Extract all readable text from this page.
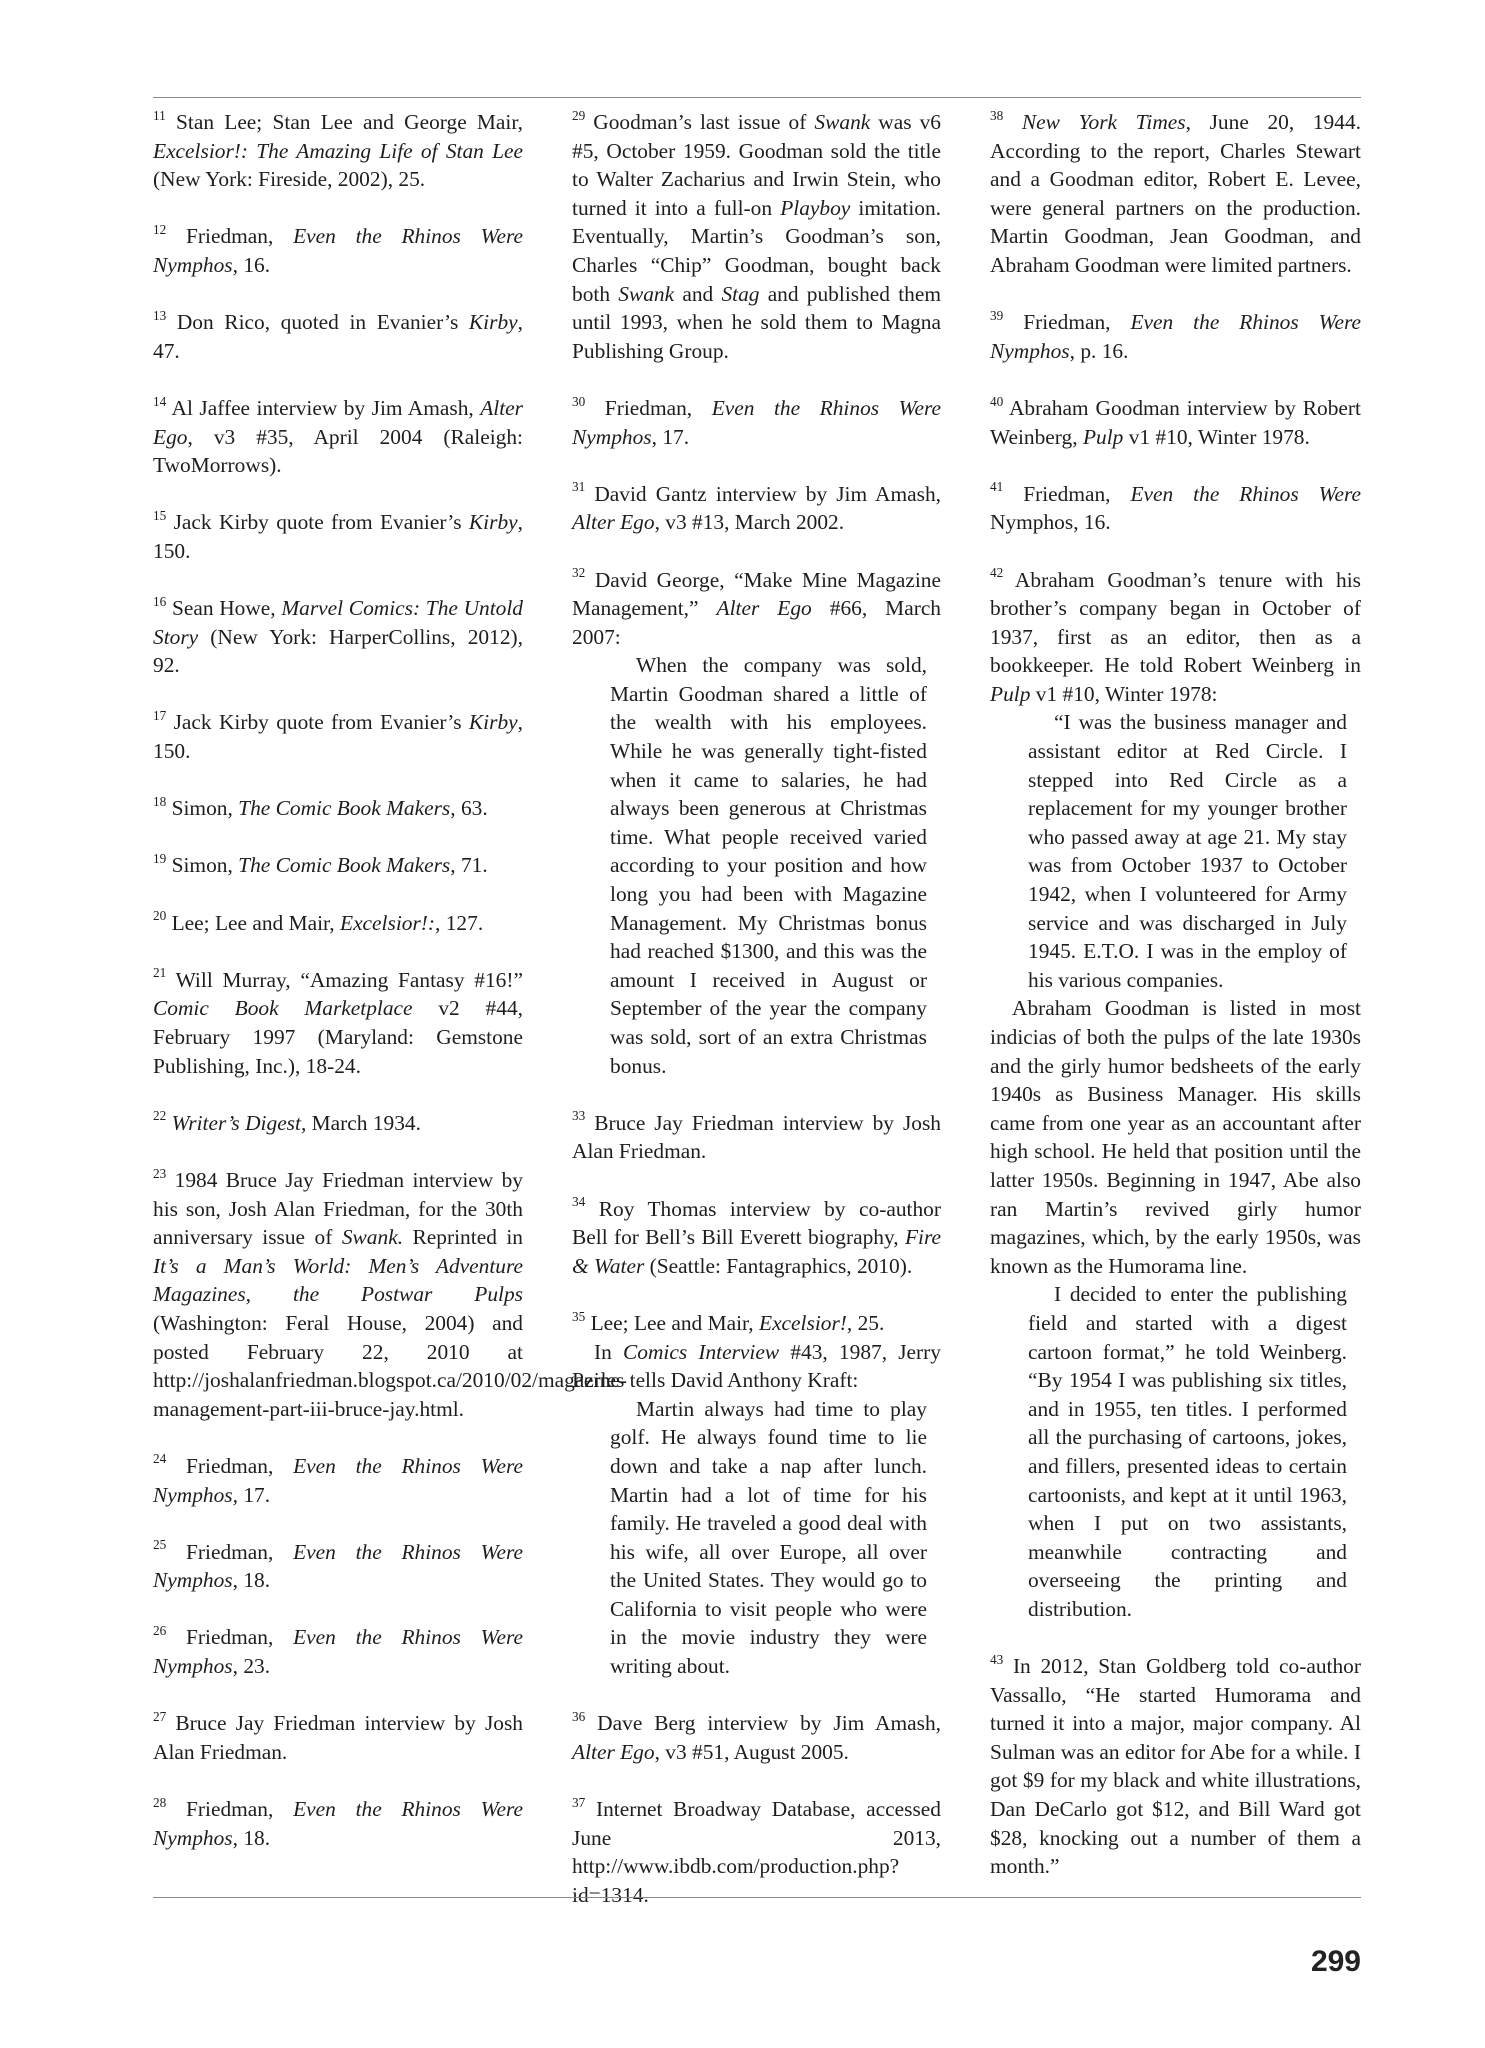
$^{11}$ Stan Lee; Stan Lee and George Mair, Excelsior!: The Amazing Life of Stan Lee (New York: Fireside, 2002), 25.

$^{12}$ Friedman, Even the Rhinos Were Nymphos, 16.

$^{13}$ Don Rico, quoted in Evanier’s Kirby, 47.

$^{14}$ Al Jaffee interview by Jim Amash, Alter Ego, v3 #35, April 2004 (Raleigh: TwoMorrows).

$^{15}$ Jack Kirby quote from Evanier’s Kirby, 150.

$^{16}$ Sean Howe, Marvel Comics: The Untold Story (New York: HarperCollins, 2012), 92.

$^{17}$ Jack Kirby quote from Evanier’s Kirby, 150.

$^{18}$ Simon, The Comic Book Makers, 63.

$^{19}$ Simon, The Comic Book Makers, 71.

$^{20}$ Lee; Lee and Mair, Excelsior!:, 127.

$^{21}$ Will Murray, “Amazing Fantasy #16!” Comic Book Marketplace v2 #44, February 1997 (Maryland: Gemstone Publishing, Inc.), 18-24.

$^{22}$ Writer’s Digest, March 1934.

$^{23}$ 1984 Bruce Jay Friedman interview by his son, Josh Alan Friedman, for the 30th anniversary issue of Swank. Reprinted in It’s a Man’s World: Men’s Adventure Magazines, the Postwar Pulps (Washington: Feral House, 2004) and posted February 22, 2010 at http://joshalanfriedman.blogspot.ca/2010/02/magazine-management-part-iii-bruce-jay.html.

$^{24}$ Friedman, Even the Rhinos Were Nymphos, 17.

$^{25}$ Friedman, Even the Rhinos Were Nymphos, 18.

$^{26}$ Friedman, Even the Rhinos Were Nymphos, 23.

$^{27}$ Bruce Jay Friedman interview by Josh Alan Friedman.

$^{28}$ Friedman, Even the Rhinos Were Nymphos, 18.

$^{29}$ Goodman’s last issue of Swank was v6 #5, October 1959. Goodman sold the title to Walter Zacharius and Irwin Stein, who turned it into a full-on Playboy imitation. Eventually, Martin’s Goodman’s son, Charles “Chip” Goodman, bought back both Swank and Stag and published them until 1993, when he sold them to Magna Publishing Group.

$^{30}$ Friedman, Even the Rhinos Were Nymphos, 17.

$^{31}$ David Gantz interview by Jim Amash, Alter Ego, v3 #13, March 2002.

$^{32}$ David George, “Make Mine Magazine Management,” Alter Ego #66, March 2007:

When the company was sold, Martin Goodman shared a little of the wealth with his employees. While he was generally tight-fisted when it came to salaries, he had always been generous at Christmas time. What people received varied according to your position and how long you had been with Magazine Management. My Christmas bonus had reached $1300, and this was the amount I received in August or September of the year the company was sold, sort of an extra Christmas bonus.

$^{33}$ Bruce Jay Friedman interview by Josh Alan Friedman.

$^{34}$ Roy Thomas interview by co-author Bell for Bell’s Bill Everett biography, Fire & Water (Seattle: Fantagraphics, 2010).

$^{35}$ Lee; Lee and Mair, Excelsior!, 25.

In Comics Interview #43, 1987, Jerry Perles tells David Anthony Kraft:

Martin always had time to play golf. He always found time to lie down and take a nap after lunch. Martin had a lot of time for his family. He traveled a good deal with his wife, all over Europe, all over the United States. They would go to California to visit people who were in the movie industry they were writing about.

$^{36}$ Dave Berg interview by Jim Amash, Alter Ego, v3 #51, August 2005.

$^{37}$ Internet Broadway Database, accessed June 2013, http://www.ibdb.com/production.php?id=1314.

$^{38}$ New York Times, June 20, 1944. According to the report, Charles Stewart and a Goodman editor, Robert E. Levee, were general partners on the production. Martin Goodman, Jean Goodman, and Abraham Goodman were limited partners.

$^{39}$ Friedman, Even the Rhinos Were Nymphos, p. 16.

$^{40}$ Abraham Goodman interview by Robert Weinberg, Pulp v1 #10, Winter 1978.

$^{41}$ Friedman, Even the Rhinos Were Nymphos, 16.

$^{42}$ Abraham Goodman’s tenure with his brother’s company began in October of 1937, first as an editor, then as a bookkeeper. He told Robert Weinberg in Pulp v1 #10, Winter 1978:

“I was the business manager and assistant editor at Red Circle. I stepped into Red Circle as a replacement for my younger brother who passed away at age 21. My stay was from October 1937 to October 1942, when I volunteered for Army service and was discharged in July 1945. E.T.O. I was in the employ of his various companies.

Abraham Goodman is listed in most indicias of both the pulps of the late 1930s and the girly humor bedsheets of the early 1940s as Business Manager. His skills came from one year as an accountant after high school. He held that position until the latter 1950s. Beginning in 1947, Abe also ran Martin’s revived girly humor magazines, which, by the early 1950s, was known as the Humorama line.

I decided to enter the publishing field and started with a digest cartoon format,” he told Weinberg. “By 1954 I was publishing six titles, and in 1955, ten titles. I performed all the purchasing of cartoons, jokes, and fillers, presented ideas to certain cartoonists, and kept at it until 1963, when I put on two assistants, meanwhile contracting and overseeing the printing and distribution.

$^{43}$ In 2012, Stan Goldberg told co-author Vassallo, “He started Humorama and turned it into a major, major company. Al Sulman was an editor for Abe for a while. I got $9 for my black and white illustrations, Dan DeCarlo got $12, and Bill Ward got $28, knocking out a number of them a month.”

299
